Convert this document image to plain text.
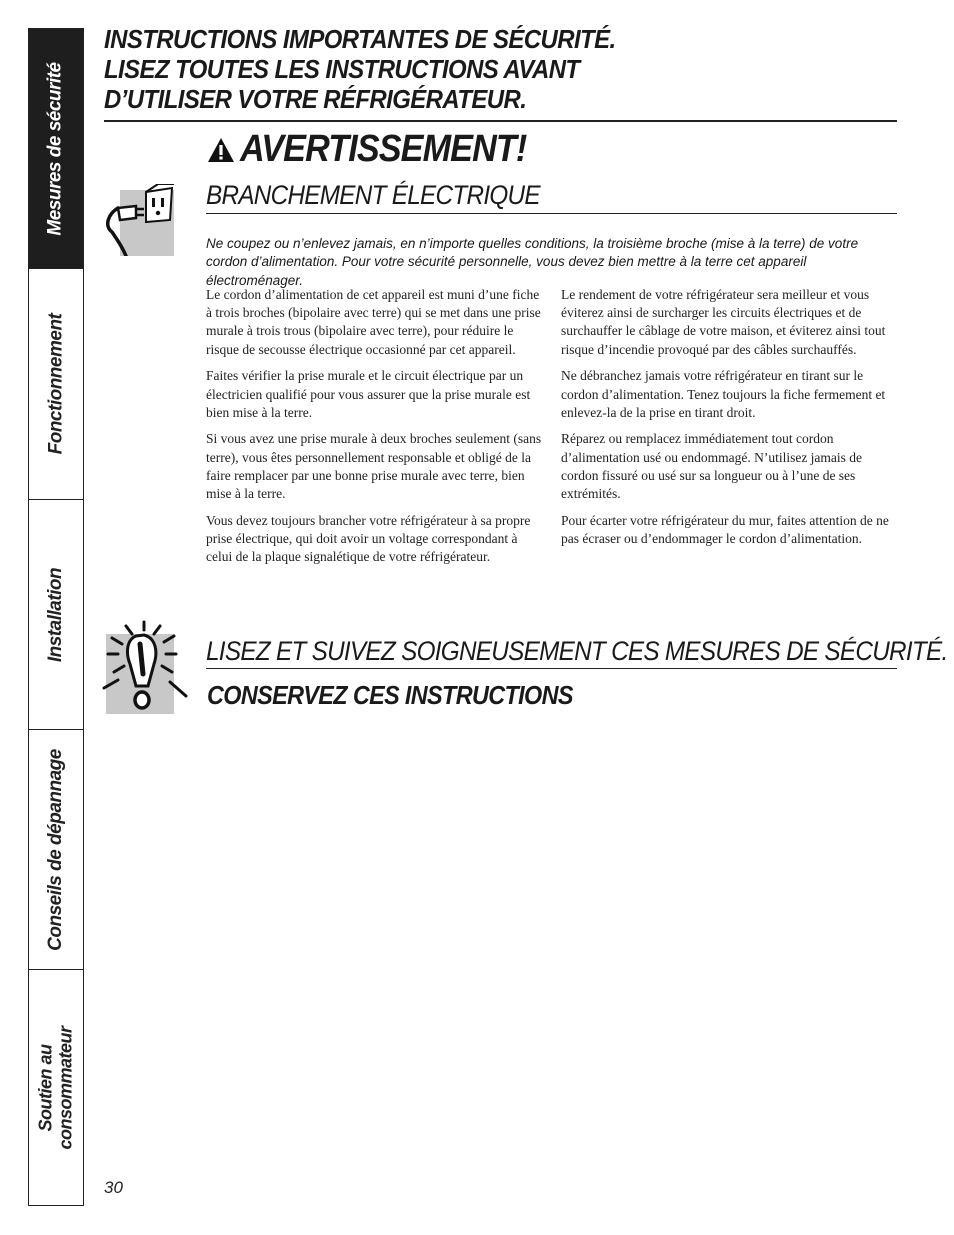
Mesures de sécurité
Fonctionnement
Installation
Conseils de dépannage
Soutien au consommateur
INSTRUCTIONS IMPORTANTES DE SÉCURITÉ.
LISEZ TOUTES LES INSTRUCTIONS AVANT
D’UTILISER VOTRE RÉFRIGÉRATEUR.
AVERTISSEMENT!
BRANCHEMENT ÉLECTRIQUE

Ne coupez ou n’enlevez jamais, en n’importe quelles conditions, la troisième broche (mise à la terre) de votre cordon d’alimentation. Pour votre sécurité personnelle, vous devez bien mettre à la terre cet appareil électroménager.

Le cordon d’alimentation de cet appareil est muni d’une fiche à trois broches (bipolaire avec terre) qui se met dans une prise murale à trois trous (bipolaire avec terre), pour réduire le risque de secousse électrique occasionné par cet appareil.

Faites vérifier la prise murale et le circuit électrique par un électricien qualifié pour vous assurer que la prise murale est bien mise à la terre.

Si vous avez une prise murale à deux broches seulement (sans terre), vous êtes personnellement responsable et obligé de la faire remplacer par une bonne prise murale avec terre, bien mise à la terre.

Vous devez toujours brancher votre réfrigérateur à sa propre prise électrique, qui doit avoir un voltage correspondant à celui de la plaque signalétique de votre réfrigérateur.

Le rendement de votre réfrigérateur sera meilleur et vous éviterez ainsi de surcharger les circuits électriques et de surchauffer le câblage de votre maison, et éviterez ainsi tout risque d’incendie provoqué par des câbles surchauffés.

Ne débranchez jamais votre réfrigérateur en tirant sur le cordon d’alimentation. Tenez toujours la fiche fermement et enlevez-la de la prise en tirant droit.

Réparez ou remplacez immédiatement tout cordon d’alimentation usé ou endommagé. N’utilisez jamais de cordon fissuré ou usé sur sa longueur ou à l’une de ses extrémités.

Pour écarter votre réfrigérateur du mur, faites attention de ne pas écraser ou d’endommager le cordon d’alimentation.

LISEZ ET SUIVEZ SOIGNEUSEMENT CES MESURES DE SÉCURITÉ.
CONSERVEZ CES INSTRUCTIONS
30
